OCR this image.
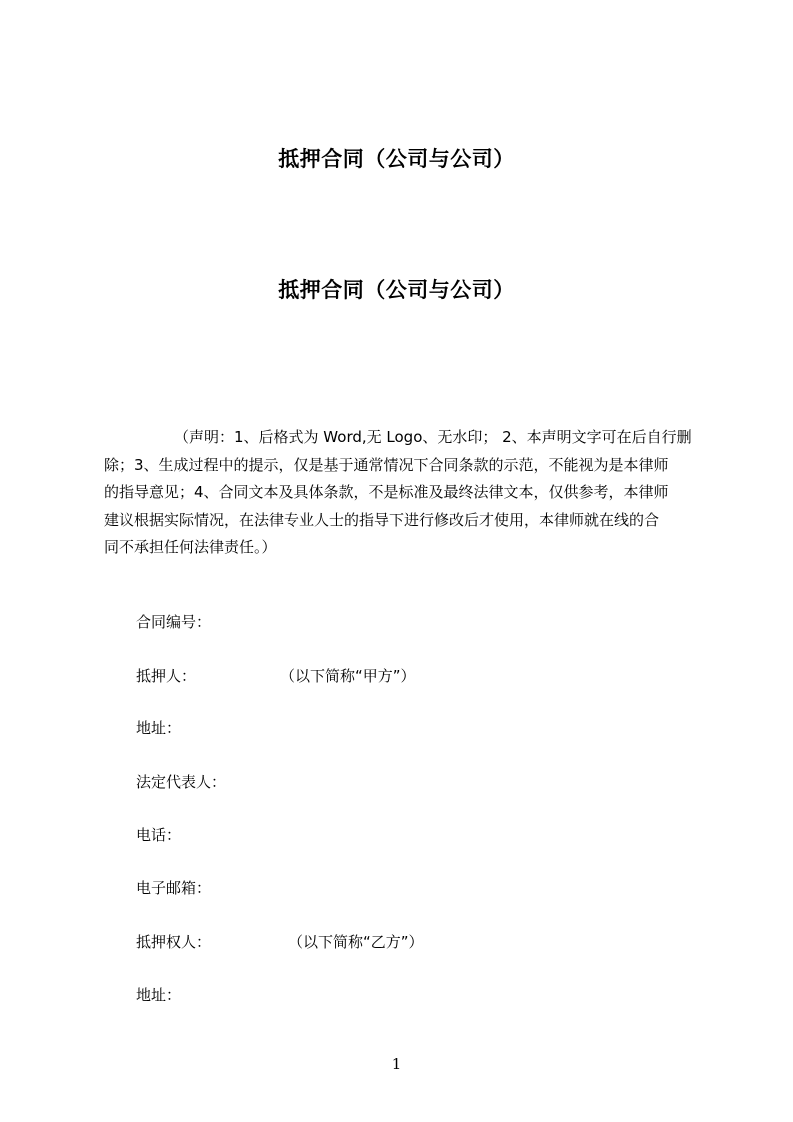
抵押合同（公司与公司）
抵押合同（公司与公司）
（声明：1、后格式为 Word,无 Logo、无水印； 2、本声明文字可在后自行删
除；3、生成过程中的提示，仅是基于通常情况下合同条款的示范，不能视为是本律师
的指导意见；4、合同文本及具体条款，不是标准及最终法律文本，仅供参考，本律师
建议根据实际情况，在法律专业人士的指导下进行修改后才使用，本律师就在线的合
同不承担任何法律责任。）
合同编号：
抵押人：	（以下简称“甲方”）
地址：
法定代表人：
电话：
电子邮箱：
抵押权人：	（以下简称“乙方”）
地址：
1
